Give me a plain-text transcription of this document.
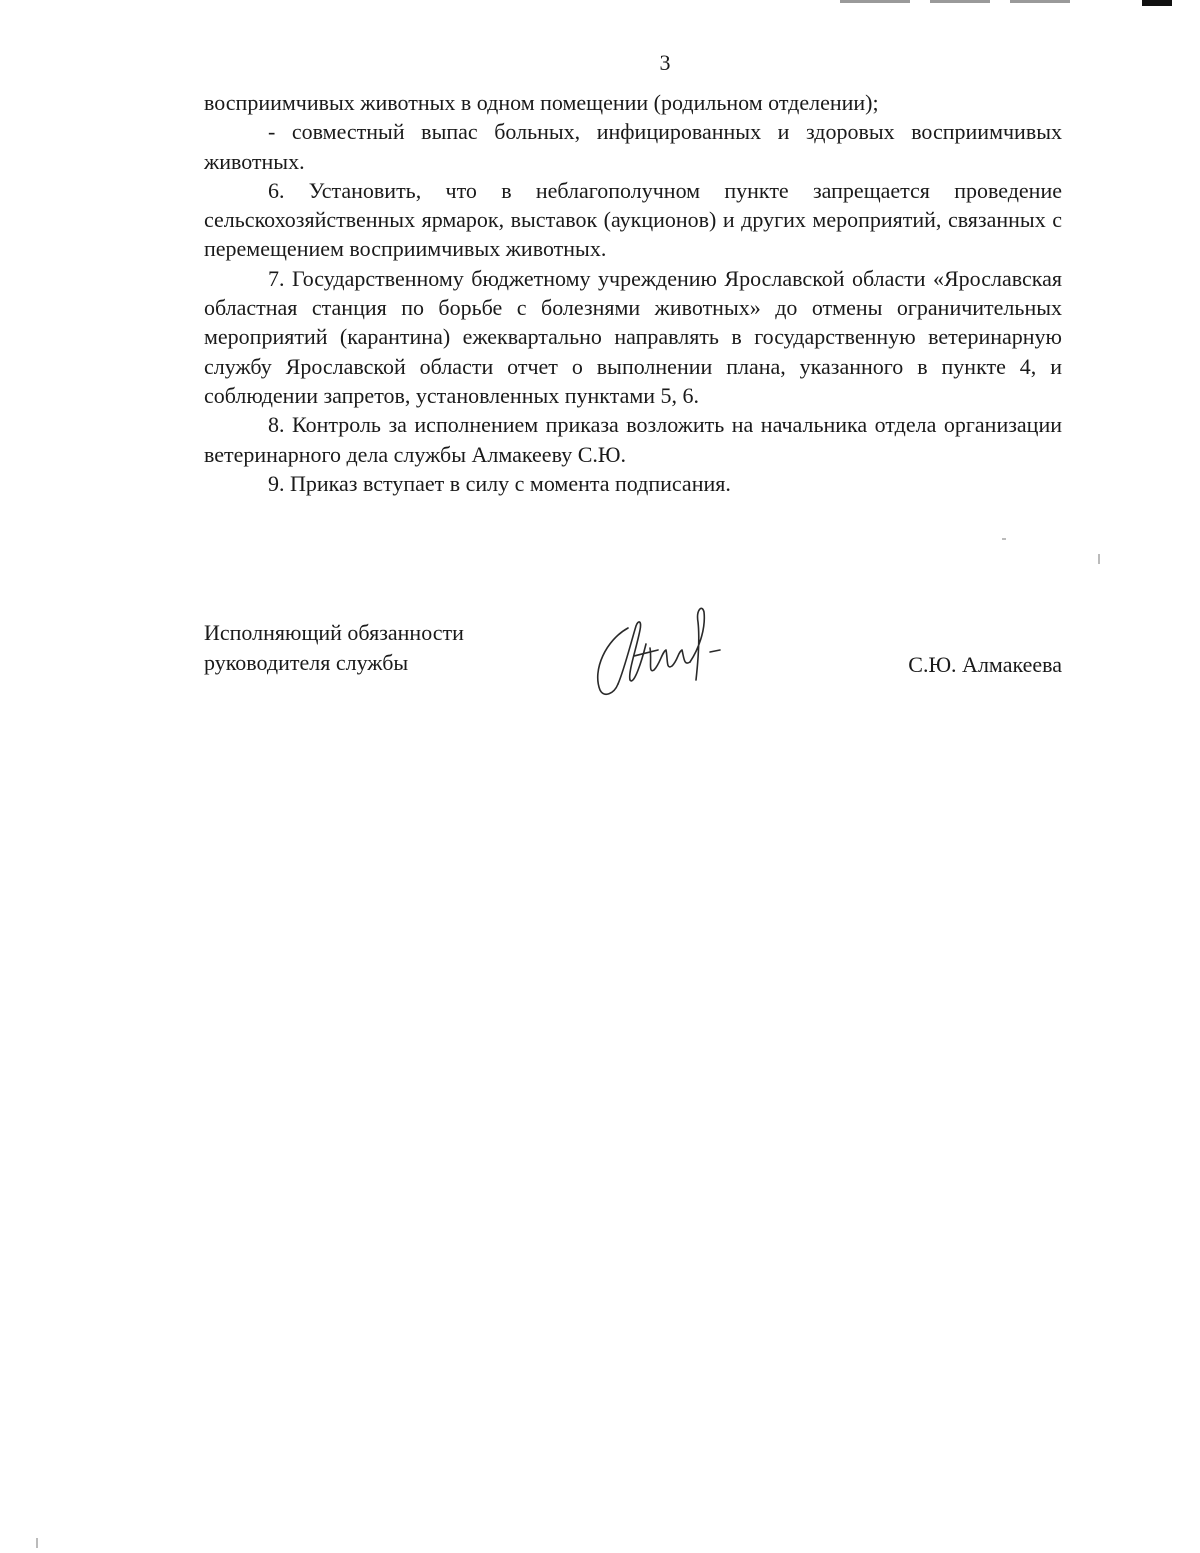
3

восприимчивых животных в одном помещении (родильном отделении);

- совместный выпас больных, инфицированных и здоровых восприимчивых животных.

6. Установить, что в неблагополучном пункте запрещается проведение сельскохозяйственных ярмарок, выставок (аукционов) и других мероприятий, связанных с перемещением восприимчивых животных.

7. Государственному бюджетному учреждению Ярославской области «Ярославская областная станция по борьбе с болезнями животных» до отмены ограничительных мероприятий (карантина) ежеквартально направлять в государственную ветеринарную службу Ярославской области отчет о выполнении плана, указанного в пункте 4, и соблюдении запретов, установленных пунктами 5, 6.

8. Контроль за исполнением приказа возложить на начальника отдела организации ветеринарного дела службы Алмакееву С.Ю.

9. Приказ вступает в силу с момента подписания.

Исполняющий обязанности
руководителя службы	С.Ю. Алмакеева
